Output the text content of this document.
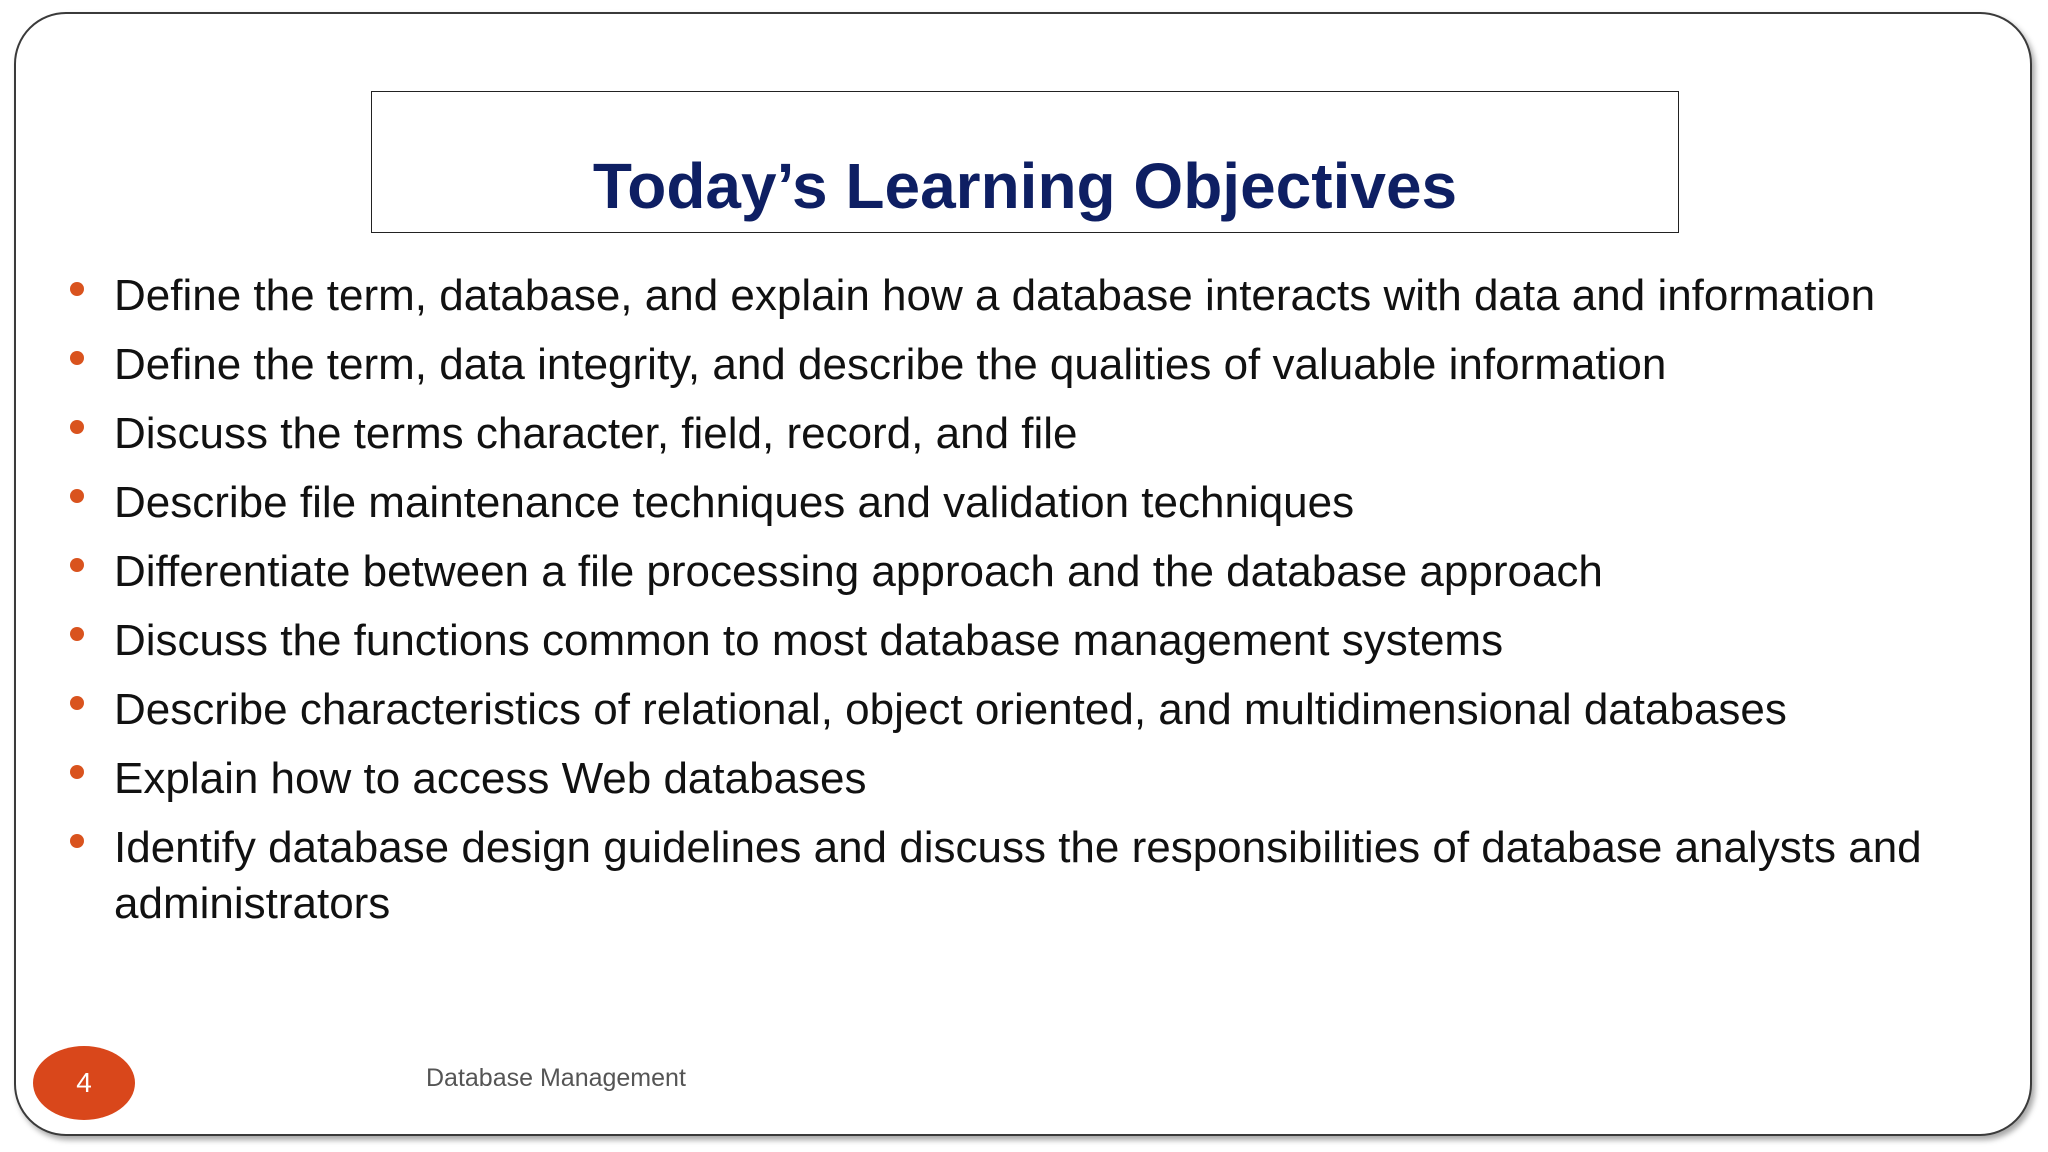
Today’s Learning Objectives
Define the term, database, and explain how a database interacts with data and information
Define the term, data integrity, and describe the qualities of valuable information
Discuss the terms character, field, record, and file
Describe file maintenance techniques and validation techniques
Differentiate between a file processing approach and the database approach
Discuss the functions common to most database management systems
Describe characteristics of relational, object oriented, and multidimensional databases
Explain how to access Web databases
Identify database design guidelines and discuss the responsibilities of database analysts and administrators
4	Database Management
